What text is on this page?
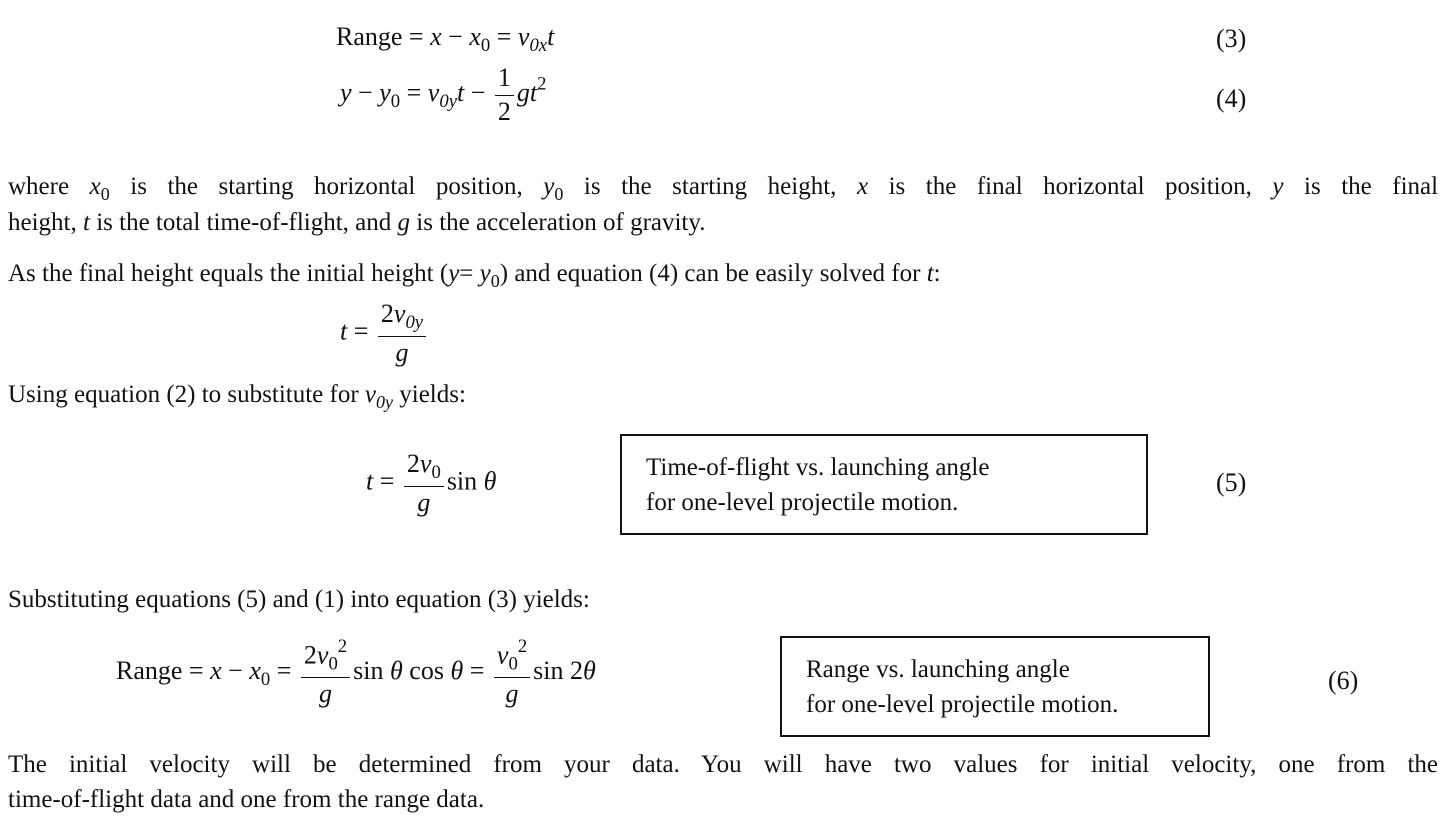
Range = $x - x_0 = v_{0x}t$	(3)
$y - y_0 = v_{0y}t - \frac{1}{2} gt^2$
(4)
where $x_0$ is the starting horizontal position, $y_0$ is the starting height, x is the final horizontal position, y is the final
height, t is the total time-of-flight, and g is the acceleration of gravity.
As the final height equals the initial height $(y= y_0)$ and equation (4) can be easily solved for t:
$t = \frac{2v_{0y}}{g}$
Using equation (2) to substitute for $v_{0y}$ yields:
$t = \frac{2v_0}{g}$ sin θ	Time-of-flight vs. launching angle
for one-level projectile motion.
(5)
Substituting equations (5) and (1) into equation (3) yields:
Range = $x - x_0 = \frac{2v_0^2}{g}$ sin θ $\cos \theta = \frac{v_0^2}{g}$ sin 2θ	Range vs. launching angle
for one-level projectile motion.
(6)
The initial velocity will be determined from your data. You will have two values for initial velocity, one from the
time-of-flight data and one from the range data.
